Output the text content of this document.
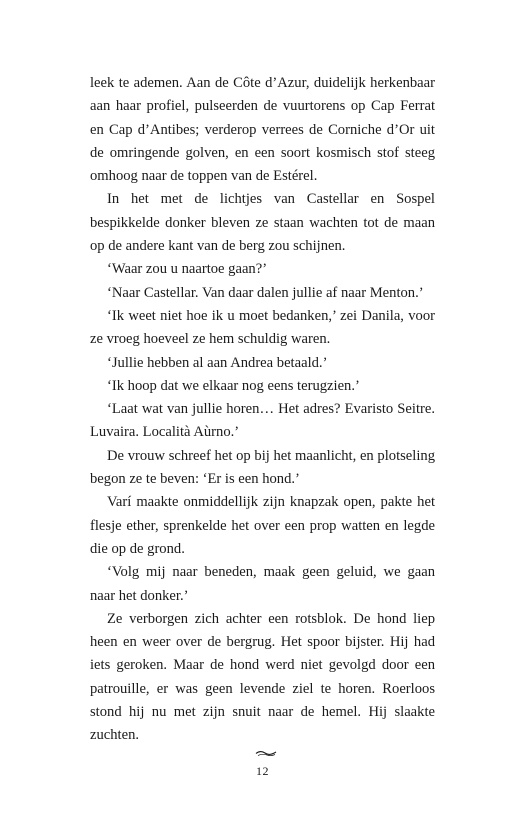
leek te ademen. Aan de Côte d’Azur, duidelijk herkenbaar aan haar profiel, pulseerden de vuurtorens op Cap Ferrat en Cap d’Antibes; verderop verrees de Corniche d’Or uit de omringende golven, en een soort kosmisch stof steeg omhoog naar de toppen van de Estérel.

In het met de lichtjes van Castellar en Sospel bespikkelde donker bleven ze staan wachten tot de maan op de andere kant van de berg zou schijnen.

‘Waar zou u naartoe gaan?’

‘Naar Castellar. Van daar dalen jullie af naar Menton.’

‘Ik weet niet hoe ik u moet bedanken,’ zei Danila, voor ze vroeg hoeveel ze hem schuldig waren.

‘Jullie hebben al aan Andrea betaald.’

‘Ik hoop dat we elkaar nog eens terugzien.’

‘Laat wat van jullie horen… Het adres? Evaristo Seitre. Luvaira. Località Aùrno.’

De vrouw schreef het op bij het maanlicht, en plotseling begon ze te beven: ‘Er is een hond.’

Varí maakte onmiddellijk zijn knapzak open, pakte het flesje ether, sprenkelde het over een prop watten en legde die op de grond.

‘Volg mij naar beneden, maak geen geluid, we gaan naar het donker.’

Ze verborgen zich achter een rotsblok. De hond liep heen en weer over de bergrug. Het spoor bijster. Hij had iets geroken. Maar de hond werd niet gevolgd door een patrouille, er was geen levende ziel te horen. Roerloos stond hij nu met zijn snuit naar de hemel. Hij slaakte zuchten.

12
